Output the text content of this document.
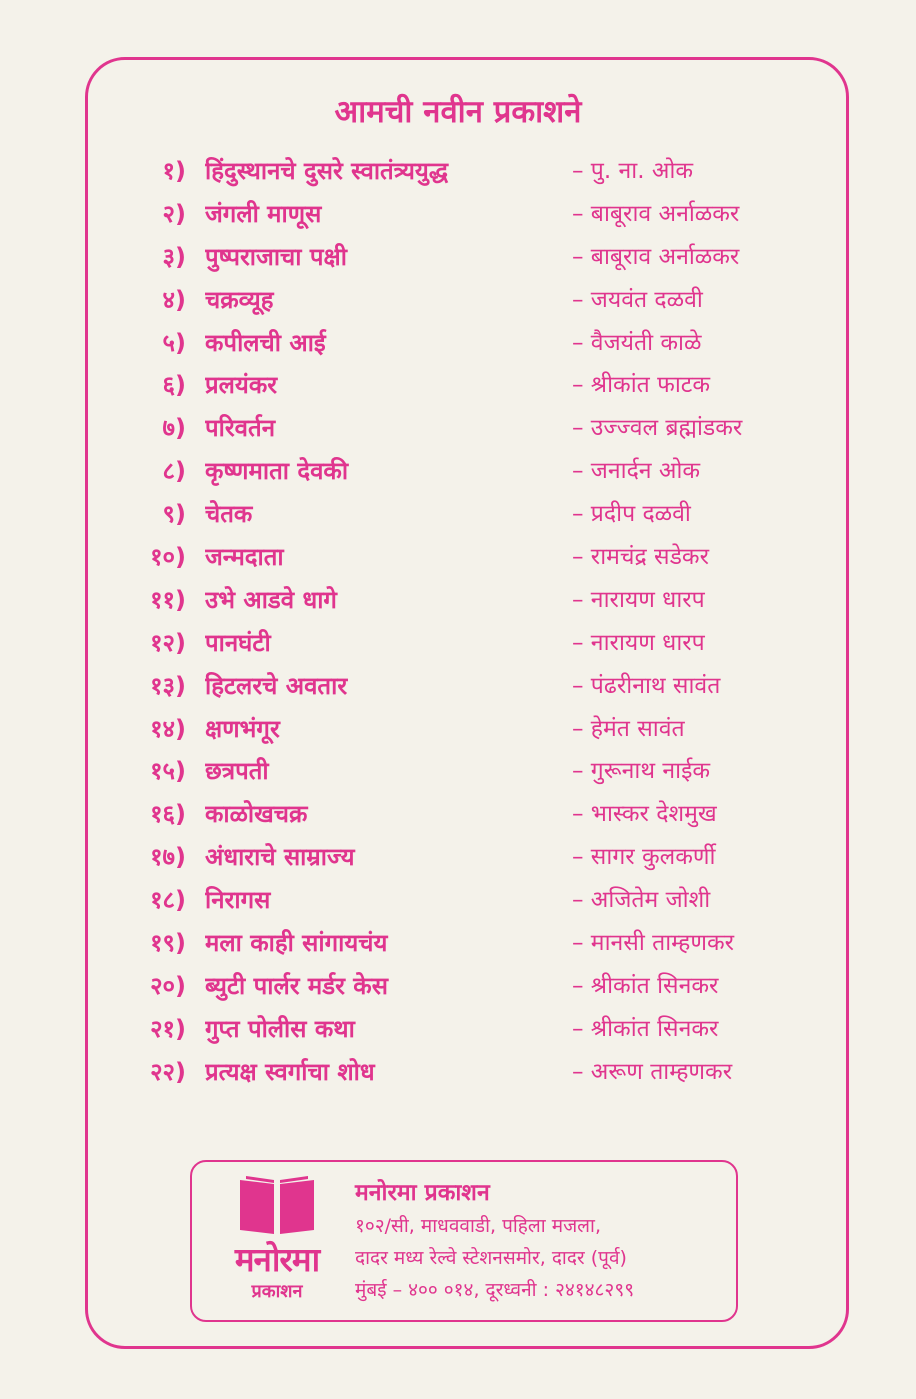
आमची नवीन प्रकाशने
१) हिंदुस्थानचे दुसरे स्वातंत्र्ययुद्ध	– पु. ना. ओक
२) जंगली माणूस	– बाबूराव अर्नाळकर
३) पुष्पराजाचा पक्षी	– बाबूराव अर्नाळकर
४) चक्रव्यूह	– जयवंत दळवी
५) कपीलची आई	– वैजयंती काळे
६) प्रलयंकर	– श्रीकांत फाटक
७) परिवर्तन	– उज्ज्वल ब्रह्मांडकर
८) कृष्णमाता देवकी	– जनार्दन ओक
९) चेतक	– प्रदीप दळवी
१०) जन्मदाता	– रामचंद्र सडेकर
११) उभे आडवे धागे	– नारायण धारप
१२) पानघंटी	– नारायण धारप
१३) हिटलरचे अवतार	– पंढरीनाथ सावंत
१४) क्षणभंगूर	– हेमंत सावंत
१५) छत्रपती	– गुरूनाथ नाईक
१६) काळोखचक्र	– भास्कर देशमुख
१७) अंधाराचे साम्राज्य	– सागर कुलकर्णी
१८) निरागस	– अजितेम जोशी
१९) मला काही सांगायचंय	– मानसी ताम्हणकर
२०) ब्युटी पार्लर मर्डर केस	– श्रीकांत सिनकर
२१) गुप्त पोलीस कथा	– श्रीकांत सिनकर
२२) प्रत्यक्ष स्वर्गाचा शोध	– अरूण ताम्हणकर
मनोरमा
प्रकाशन
मनोरमा प्रकाशन
१०२/सी, माधववाडी, पहिला मजला,
दादर मध्य रेल्वे स्टेशनसमोर, दादर (पूर्व)
मुंबई – ४०० ०१४, दूरध्वनी : २४१४८२९९
